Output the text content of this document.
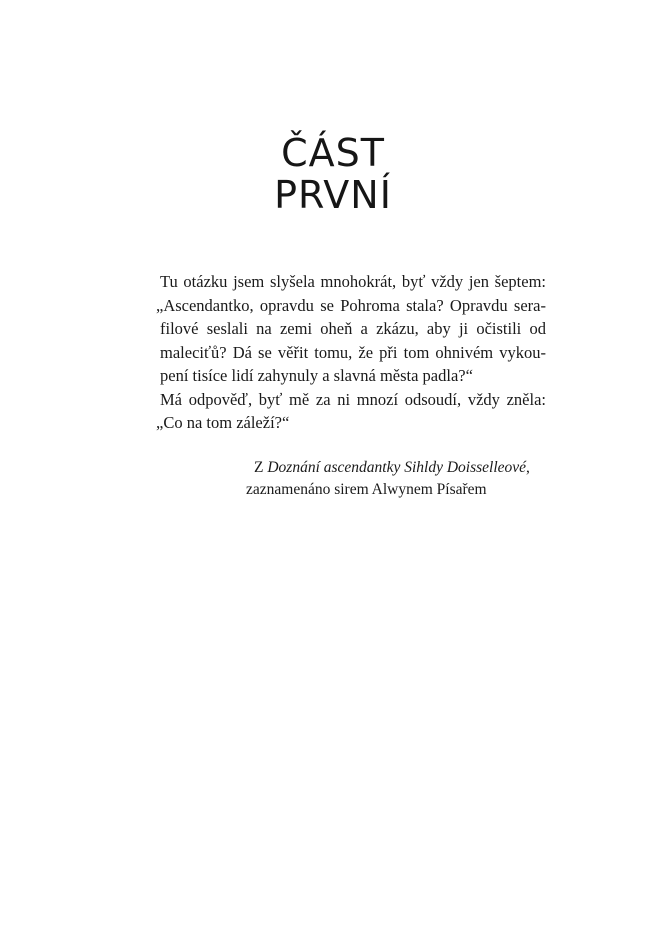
ČÁST
PRVNÍ
Tu otázku jsem slyšela mnohokrát, byť vždy jen šeptem:
„Ascendantko, opravdu se Pohroma stala? Opravdu sera-
filové seslali na zemi oheň a zkázu, aby ji očistili od
maleciťů? Dá se věřit tomu, že při tom ohnivém vykou-
pení tisíce lidí zahynuly a slavná města padla?“
Má odpověď, byť mě za ni mnozí odsoudí, vždy zněla:
„Co na tom záleží?“
Z Doznání ascendantky Sihldy Doisselleové,
zaznamenáno sirem Alwynem Písařem
